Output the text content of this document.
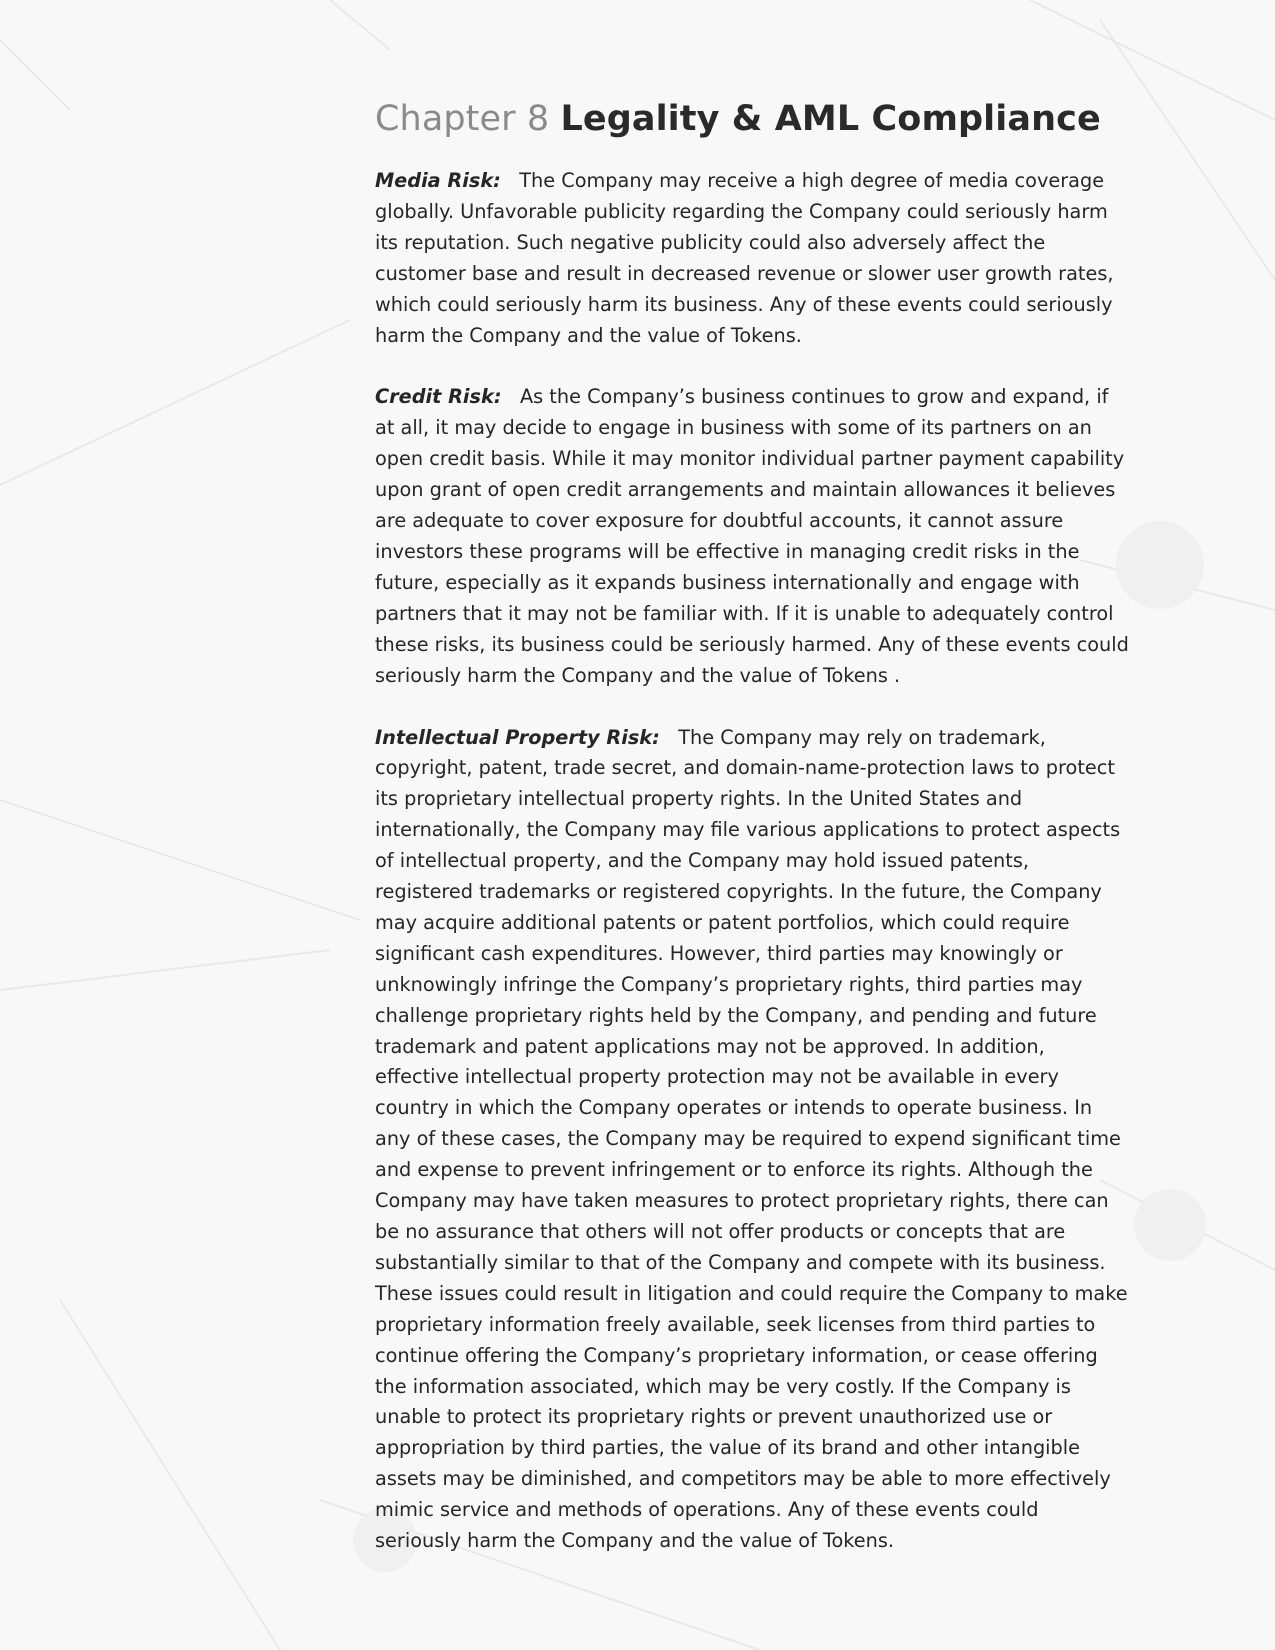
Chapter 8 Legality & AML Compliance

Media Risk: The Company may receive a high degree of media coverage globally. Unfavorable publicity regarding the Company could seriously harm its reputation. Such negative publicity could also adversely affect the customer base and result in decreased revenue or slower user growth rates, which could seriously harm its business. Any of these events could seriously harm the Company and the value of Tokens.

Credit Risk: As the Company’s business continues to grow and expand, if at all, it may decide to engage in business with some of its partners on an open credit basis. While it may monitor individual partner payment capability upon grant of open credit arrangements and maintain allowances it believes are adequate to cover exposure for doubtful accounts, it cannot assure investors these programs will be effective in managing credit risks in the future, especially as it expands business internationally and engage with partners that it may not be familiar with. If it is unable to adequately control these risks, its business could be seriously harmed. Any of these events could seriously harm the Company and the value of Tokens .

Intellectual Property Risk: The Company may rely on trademark, copyright, patent, trade secret, and domain-name-protection laws to protect its proprietary intellectual property rights. In the United States and internationally, the Company may file various applications to protect aspects of intellectual property, and the Company may hold issued patents, registered trademarks or registered copyrights. In the future, the Company may acquire additional patents or patent portfolios, which could require significant cash expenditures. However, third parties may knowingly or unknowingly infringe the Company’s proprietary rights, third parties may challenge proprietary rights held by the Company, and pending and future trademark and patent applications may not be approved. In addition, effective intellectual property protection may not be available in every country in which the Company operates or intends to operate business. In any of these cases, the Company may be required to expend significant time and expense to prevent infringement or to enforce its rights. Although the Company may have taken measures to protect proprietary rights, there can be no assurance that others will not offer products or concepts that are substantially similar to that of the Company and compete with its business. These issues could result in litigation and could require the Company to make proprietary information freely available, seek licenses from third parties to continue offering the Company’s proprietary information, or cease offering the information associated, which may be very costly. If the Company is unable to protect its proprietary rights or prevent unauthorized use or appropriation by third parties, the value of its brand and other intangible assets may be diminished, and competitors may be able to more effectively mimic service and methods of operations. Any of these events could seriously harm the Company and the value of Tokens.
